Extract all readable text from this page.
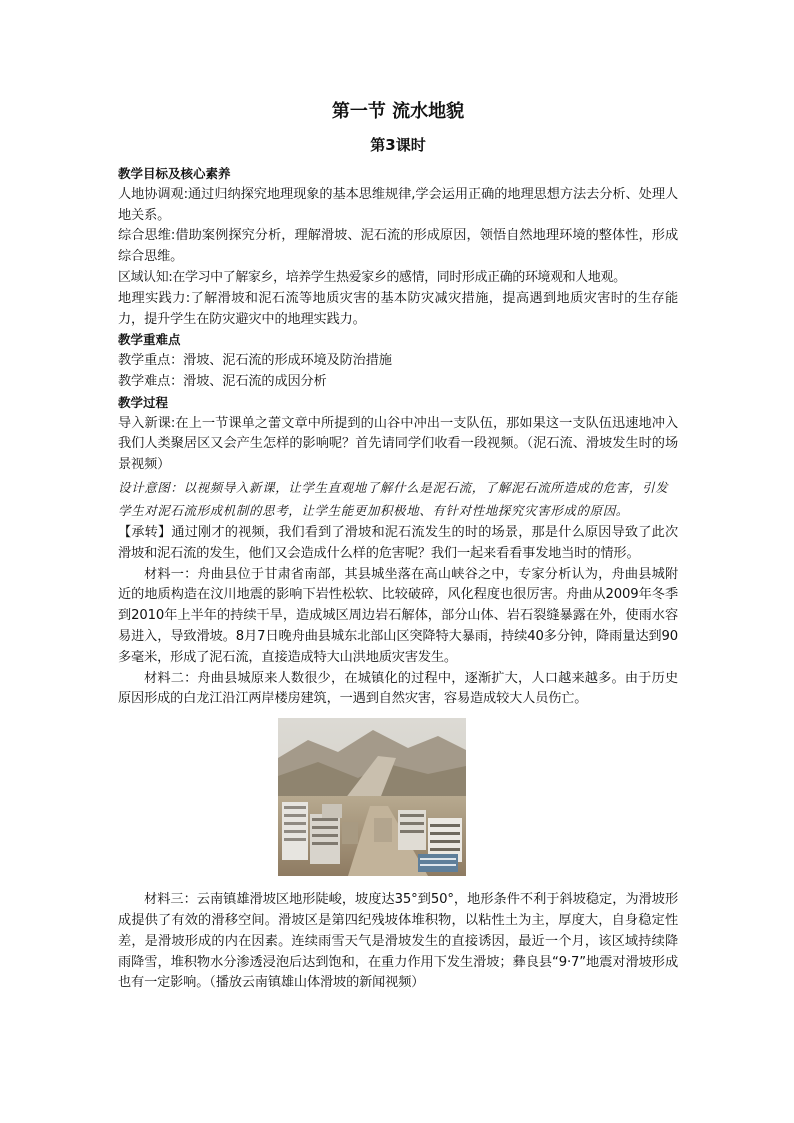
第一节 流水地貌
第3课时

教学目标及核心素养

人地协调观:通过归纳探究地理现象的基本思维规律,学会运用正确的地理思想方法去分析、处理人地关系。

综合思维:借助案例探究分析，理解滑坡、泥石流的形成原因，领悟自然地理环境的整体性，形成综合思维。

区域认知:在学习中了解家乡，培养学生热爱家乡的感情，同时形成正确的环境观和人地观。

地理实践力:了解滑坡和泥石流等地质灾害的基本防灾减灾措施，提高遇到地质灾害时的生存能力，提升学生在防灾避灾中的地理实践力。

教学重难点

教学重点：滑坡、泥石流的形成环境及防治措施

教学难点：滑坡、泥石流的成因分析

教学过程

导入新课:在上一节课单之蕾文章中所提到的山谷中冲出一支队伍，那如果这一支队伍迅速地冲入我们人类聚居区又会产生怎样的影响呢？首先请同学们收看一段视频。（泥石流、滑坡发生时的场景视频）

设计意图：以视频导入新课，让学生直观地了解什么是泥石流，了解泥石流所造成的危害，引发学生对泥石流形成机制的思考，让学生能更加积极地、有针对性地探究灾害形成的原因。

【承转】通过刚才的视频，我们看到了滑坡和泥石流发生的时的场景，那是什么原因导致了此次滑坡和泥石流的发生，他们又会造成什么样的危害呢？我们一起来看看事发地当时的情形。

材料一：舟曲县位于甘肃省南部，其县城坐落在高山峡谷之中，专家分析认为，舟曲县城附近的地质构造在汶川地震的影响下岩性松软、比较破碎，风化程度也很厉害。舟曲从2009年冬季到2010年上半年的持续干旱，造成城区周边岩石解体，部分山体、岩石裂缝暴露在外，使雨水容易进入，导致滑坡。8月7日晚舟曲县城东北部山区突降特大暴雨，持续40多分钟，降雨量达到90多毫米，形成了泥石流，直接造成特大山洪地质灾害发生。

材料二：舟曲县城原来人数很少，在城镇化的过程中，逐渐扩大，人口越来越多。由于历史原因形成的白龙江沿江两岸楼房建筑，一遇到自然灾害，容易造成较大人员伤亡。

材料三：云南镇雄滑坡区地形陡峻，坡度达35°到50°，地形条件不利于斜坡稳定，为滑坡形成提供了有效的滑移空间。滑坡区是第四纪残坡体堆积物，以粘性土为主，厚度大，自身稳定性差，是滑坡形成的内在因素。连续雨雪天气是滑坡发生的直接诱因，最近一个月，该区域持续降雨降雪，堆积物水分渗透浸泡后达到饱和，在重力作用下发生滑坡；彝良县“9·7”地震对滑坡形成也有一定影响。（播放云南镇雄山体滑坡的新闻视频）
